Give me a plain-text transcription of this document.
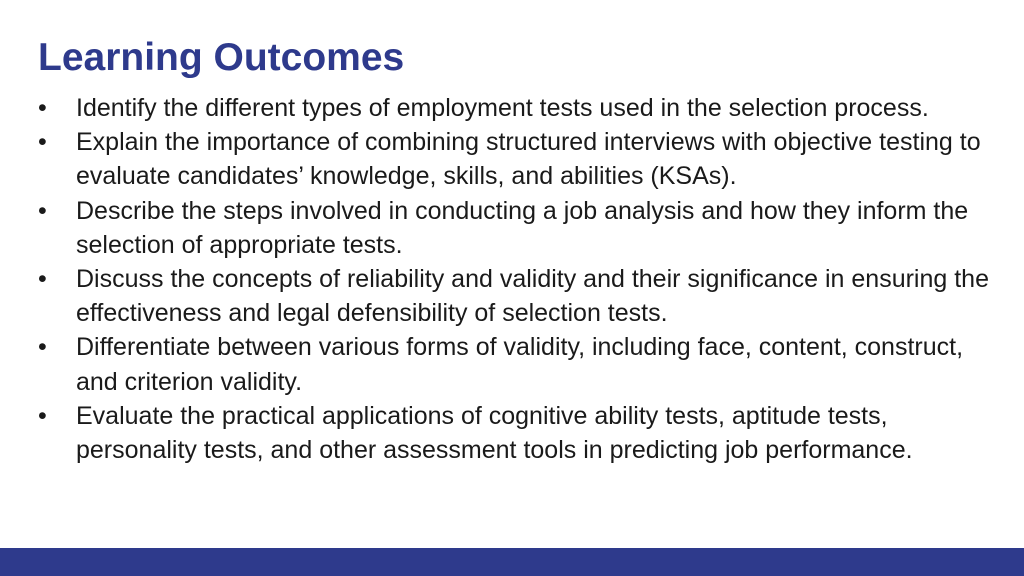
Learning Outcomes
•	Identify the different types of employment tests used in the selection process.
•	Explain the importance of combining structured interviews with objective testing to evaluate candidates’ knowledge, skills, and abilities (KSAs).
•	Describe the steps involved in conducting a job analysis and how they inform the selection of appropriate tests.
•	Discuss the concepts of reliability and validity and their significance in ensuring the effectiveness and legal defensibility of selection tests.
•	Differentiate between various forms of validity, including face, content, construct, and criterion validity.
•	Evaluate the practical applications of cognitive ability tests, aptitude tests, personality tests, and other assessment tools in predicting job performance.
